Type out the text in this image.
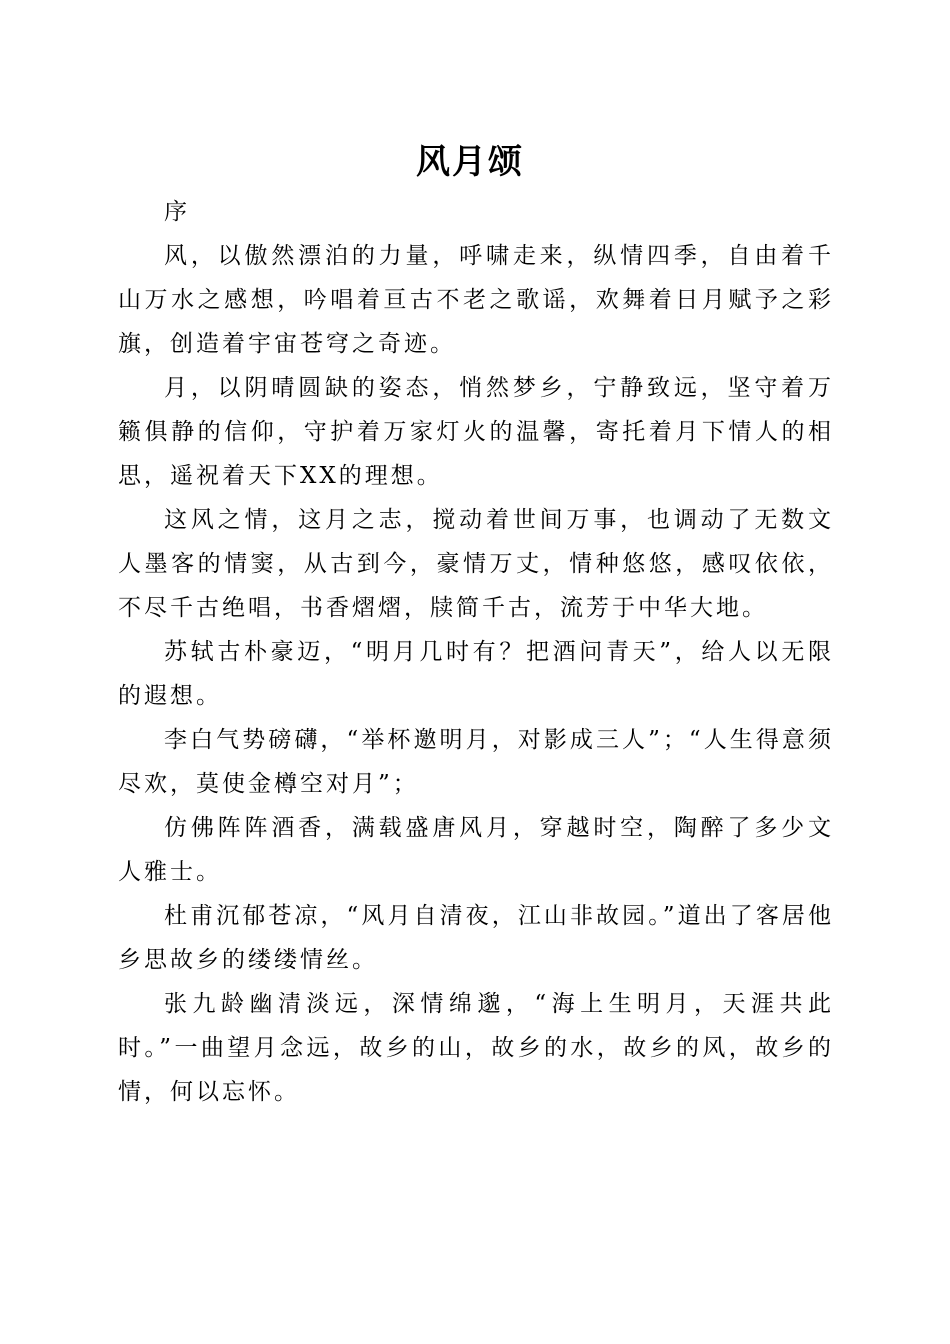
风月颂

序

风，以傲然漂泊的力量，呼啸走来，纵情四季，自由着千山万水之感想，吟唱着亘古不老之歌谣，欢舞着日月赋予之彩旗，创造着宇宙苍穹之奇迹。

月，以阴晴圆缺的姿态，悄然梦乡，宁静致远，坚守着万籁俱静的信仰，守护着万家灯火的温馨，寄托着月下情人的相思，遥祝着天下XX的理想。

这风之情，这月之志，搅动着世间万事，也调动了无数文人墨客的情窦，从古到今，豪情万丈，情种悠悠，感叹依依，不尽千古绝唱，书香熠熠，牍简千古，流芳于中华大地。

苏轼古朴豪迈，“明月几时有？把酒问青天”，给人以无限的遐想。

李白气势磅礴，“举杯邀明月，对影成三人”；“人生得意须尽欢，莫使金樽空对月”；

仿佛阵阵酒香，满载盛唐风月，穿越时空，陶醉了多少文人雅士。

杜甫沉郁苍凉，“风月自清夜，江山非故园。”道出了客居他乡思故乡的缕缕情丝。

张九龄幽清淡远，深情绵邈，“海上生明月，天涯共此时。”一曲望月念远，故乡的山，故乡的水，故乡的风，故乡的情，何以忘怀。
